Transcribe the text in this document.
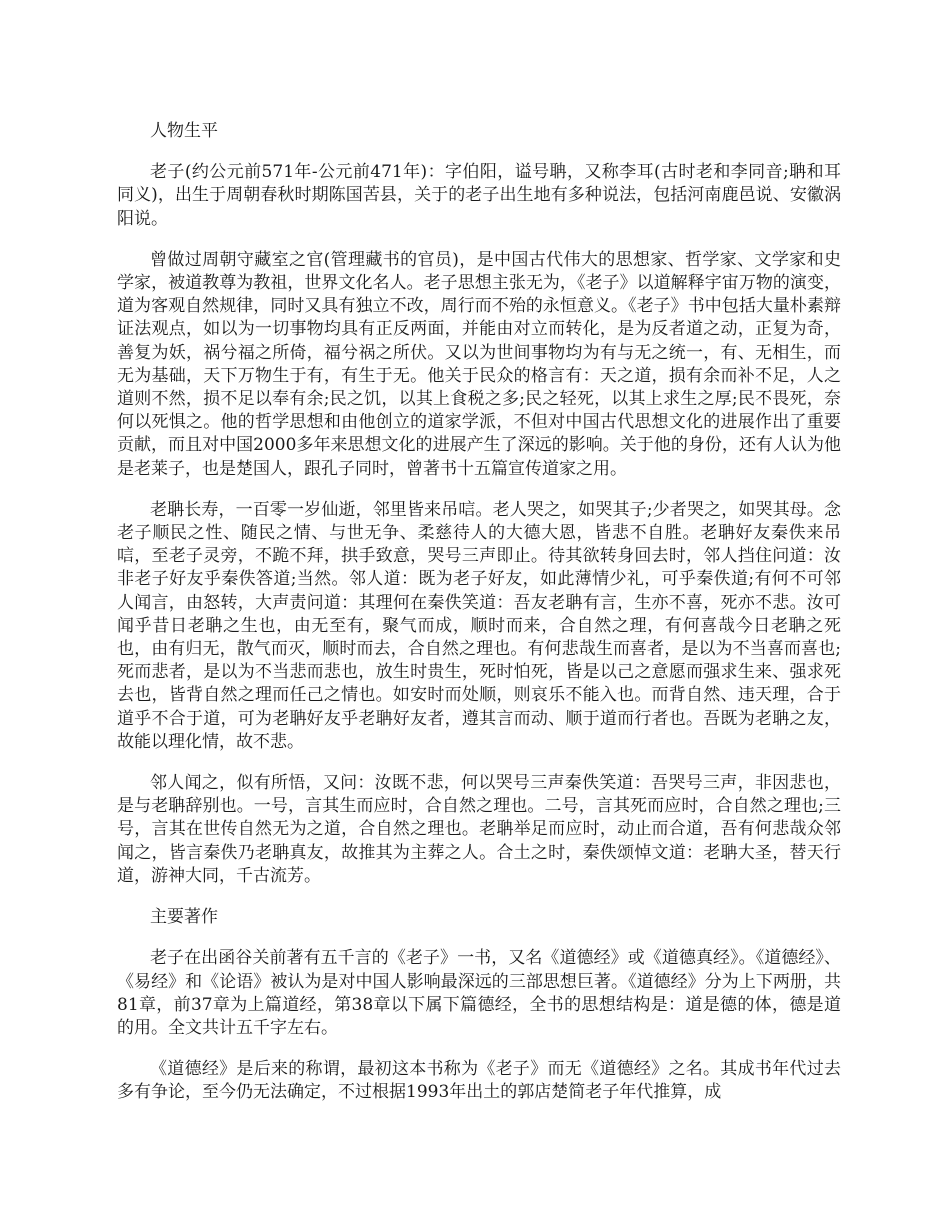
人物生平

老子(约公元前571年-公元前471年)：字伯阳，谥号聃，又称李耳(古时老和李同音;聃和耳同义)，出生于周朝春秋时期陈国苦县，关于的老子出生地有多种说法，包括河南鹿邑说、安徽涡阳说。

曾做过周朝守藏室之官(管理藏书的官员)，是中国古代伟大的思想家、哲学家、文学家和史学家，被道教尊为教祖，世界文化名人。老子思想主张无为，《老子》以道解释宇宙万物的演变，道为客观自然规律，同时又具有独立不改，周行而不殆的永恒意义。《老子》书中包括大量朴素辩证法观点，如以为一切事物均具有正反两面，并能由对立而转化，是为反者道之动，正复为奇，善复为妖，祸兮福之所倚，福兮祸之所伏。又以为世间事物均为有与无之统一，有、无相生，而无为基础，天下万物生于有，有生于无。他关于民众的格言有：天之道，损有余而补不足，人之道则不然，损不足以奉有余;民之饥，以其上食税之多;民之轻死，以其上求生之厚;民不畏死，奈何以死惧之。他的哲学思想和由他创立的道家学派，不但对中国古代思想文化的进展作出了重要贡献，而且对中国2000多年来思想文化的进展产生了深远的影响。关于他的身份，还有人认为他是老莱子，也是楚国人，跟孔子同时，曾著书十五篇宣传道家之用。

老聃长寿，一百零一岁仙逝，邻里皆来吊唁。老人哭之，如哭其子;少者哭之，如哭其母。念老子顺民之性、随民之情、与世无争、柔慈待人的大德大恩，皆悲不自胜。老聃好友秦佚来吊唁，至老子灵旁，不跪不拜，拱手致意，哭号三声即止。待其欲转身回去时，邻人挡住问道：汝非老子好友乎秦佚答道;当然。邻人道：既为老子好友，如此薄情少礼，可乎秦佚道;有何不可邻人闻言，由怒转，大声责问道：其理何在秦佚笑道：吾友老聃有言，生亦不喜，死亦不悲。汝可闻乎昔日老聃之生也，由无至有，聚气而成，顺时而来，合自然之理，有何喜哉今日老聃之死也，由有归无，散气而灭，顺时而去，合自然之理也。有何悲哉生而喜者，是以为不当喜而喜也;死而悲者，是以为不当悲而悲也，放生时贵生，死时怕死，皆是以己之意愿而强求生来、强求死去也，皆背自然之理而任己之情也。如安时而处顺，则哀乐不能入也。而背自然、违天理，合于道乎不合于道，可为老聃好友乎老聃好友者，遵其言而动、顺于道而行者也。吾既为老聃之友，故能以理化情，故不悲。

邻人闻之，似有所悟，又问：汝既不悲，何以哭号三声秦佚笑道：吾哭号三声，非因悲也，是与老聃辞别也。一号，言其生而应时，合自然之理也。二号，言其死而应时，合自然之理也;三号，言其在世传自然无为之道，合自然之理也。老聃举足而应时，动止而合道，吾有何悲哉众邻闻之，皆言秦佚乃老聃真友，故推其为主葬之人。合土之时，秦佚颂悼文道：老聃大圣，替天行道，游神大同，千古流芳。

主要著作

老子在出函谷关前著有五千言的《老子》一书，又名《道德经》或《道德真经》。《道德经》、《易经》和《论语》被认为是对中国人影响最深远的三部思想巨著。《道德经》分为上下两册，共81章，前37章为上篇道经，第38章以下属下篇德经，全书的思想结构是：道是德的体，德是道的用。全文共计五千字左右。

《道德经》是后来的称谓，最初这本书称为《老子》而无《道德经》之名。其成书年代过去多有争论，至今仍无法确定，不过根据1993年出土的郭店楚简老子年代推算，成
